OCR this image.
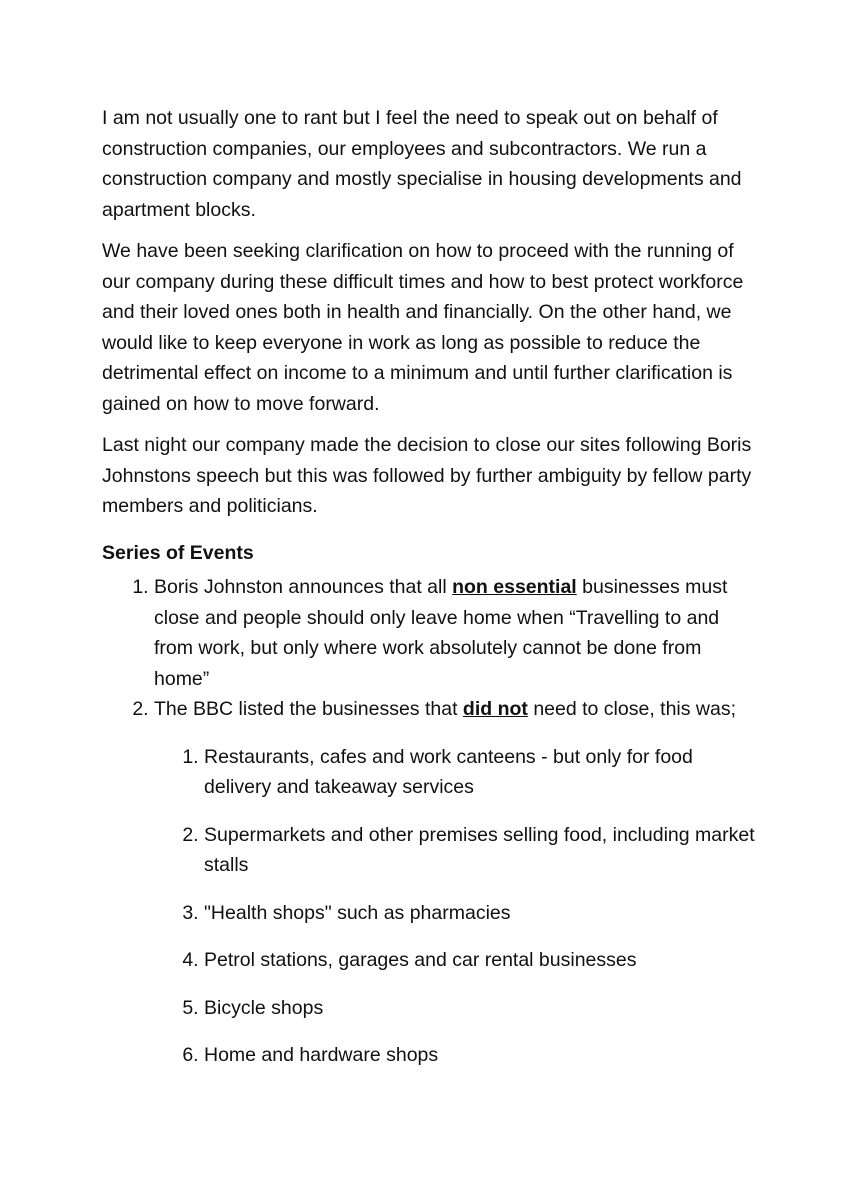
I am not usually one to rant but I feel the need to speak out on behalf of construction companies, our employees and subcontractors. We run a construction company and mostly specialise in housing developments and apartment blocks.

We have been seeking clarification on how to proceed with the running of our company during these difficult times and how to best protect workforce and their loved ones both in health and financially. On the other hand, we would like to keep everyone in work as long as possible to reduce the detrimental effect on income to a minimum and until further clarification is gained on how to move forward.

Last night our company made the decision to close our sites following Boris Johnstons speech but this was followed by further ambiguity by fellow party members and politicians.

Series of Events
1. Boris Johnston announces that all non essential businesses must close and people should only leave home when “Travelling to and from work, but only where work absolutely cannot be done from home”
2. The BBC listed the businesses that did not need to close, this was;
1. Restaurants, cafes and work canteens - but only for food delivery and takeaway services
2. Supermarkets and other premises selling food, including market stalls
3. "Health shops" such as pharmacies
4. Petrol stations, garages and car rental businesses
5. Bicycle shops
6. Home and hardware shops
